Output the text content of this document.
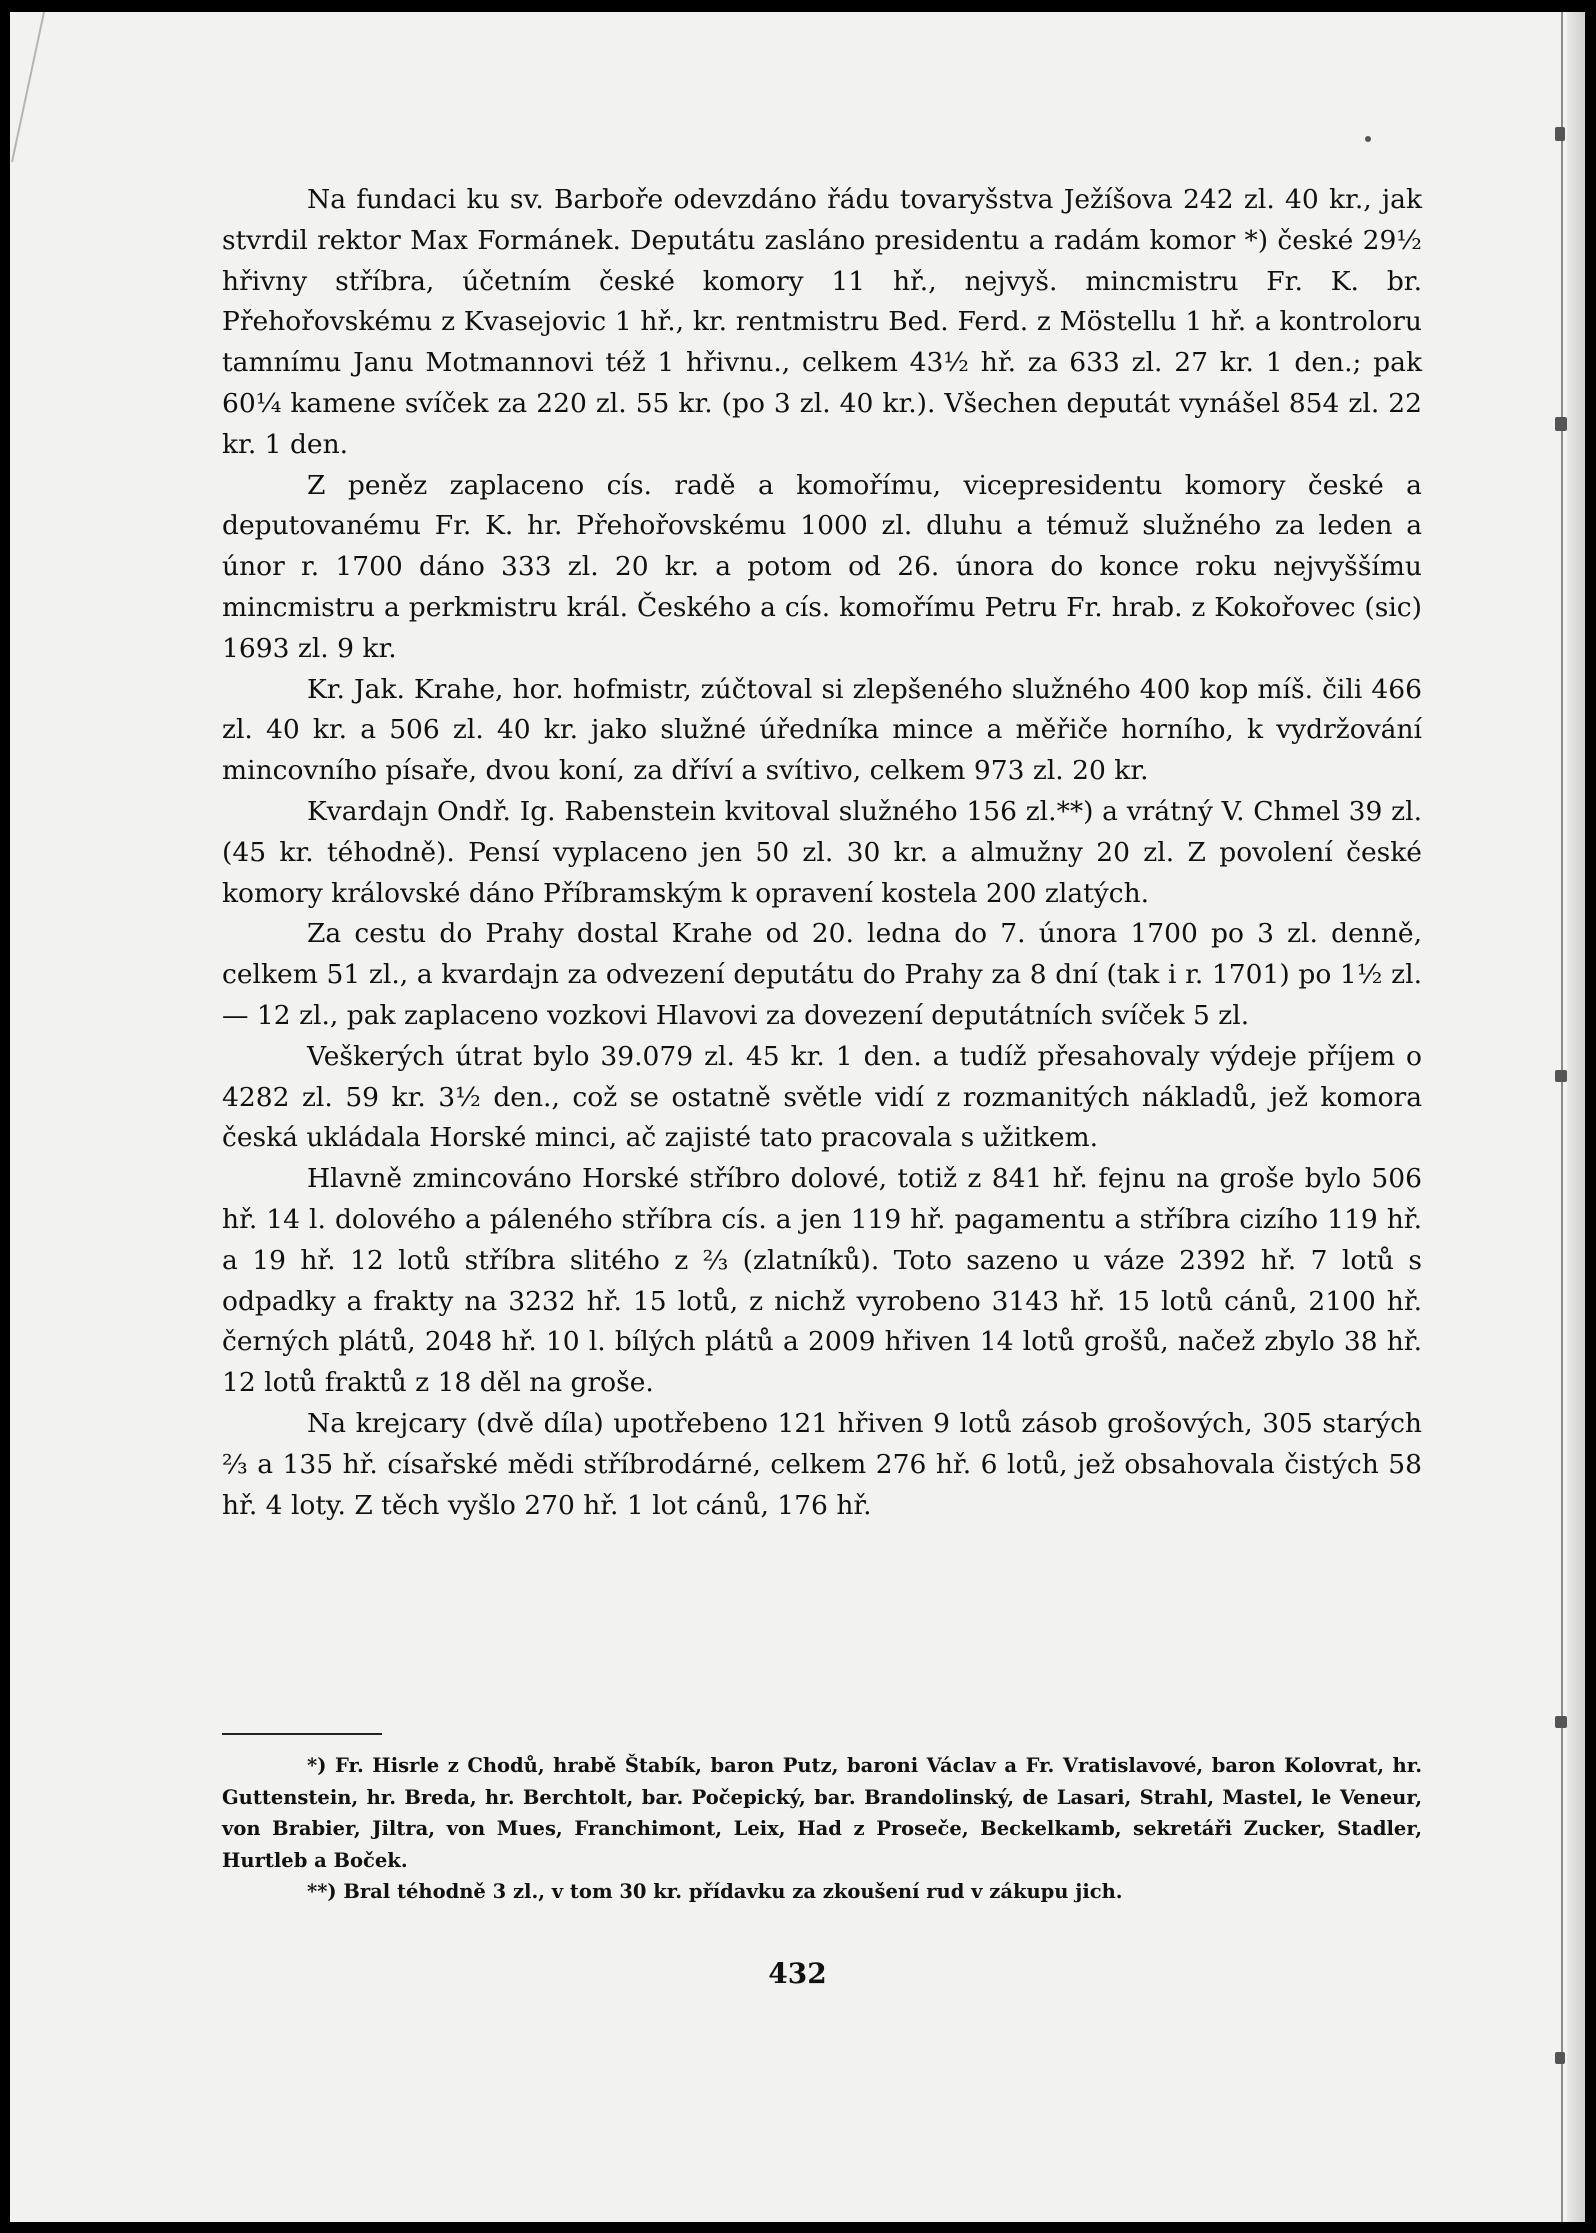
Na fundaci ku sv. Barboře odevzdáno řádu tovaryšstva Ježíšova 242 zl. 40 kr., jak stvrdil rektor Max Formánek. Deputátu zasláno presidentu a radám komor *) české 29½ hřivny stříbra, účetním české komory 11 hř., nejvyš. mincmistru Fr. K. br. Přehořovskému z Kvasejovic 1 hř., kr. rentmistru Bed. Ferd. z Möstellu 1 hř. a kontroloru tamnímu Janu Motmannovi též 1 hřivnu., celkem 43½ hř. za 633 zl. 27 kr. 1 den.; pak 60¼ kamene svíček za 220 zl. 55 kr. (po 3 zl. 40 kr.). Všechen deputát vynášel 854 zl. 22 kr. 1 den.

Z peněz zaplaceno cís. radě a komořímu, vicepresidentu komory české a deputovanému Fr. K. hr. Přehořovskému 1000 zl. dluhu a témuž služného za leden a únor r. 1700 dáno 333 zl. 20 kr. a potom od 26. února do konce roku nejvyššímu mincmistru a perkmistru král. Českého a cís. komořímu Petru Fr. hrab. z Kokořovec (sic) 1693 zl. 9 kr.

Kr. Jak. Krahe, hor. hofmistr, zúčtoval si zlepšeného služného 400 kop míš. čili 466 zl. 40 kr. a 506 zl. 40 kr. jako služné úředníka mince a měřiče horního, k vydržování mincovního písaře, dvou koní, za dříví a svítivo, celkem 973 zl. 20 kr.

Kvardajn Ondř. Ig. Rabenstein kvitoval služného 156 zl.**) a vrátný V. Chmel 39 zl. (45 kr. téhodně). Pensí vyplaceno jen 50 zl. 30 kr. a almužny 20 zl. Z povolení české komory královské dáno Příbramským k opravení kostela 200 zlatých.

Za cestu do Prahy dostal Krahe od 20. ledna do 7. února 1700 po 3 zl. denně, celkem 51 zl., a kvardajn za odvezení deputátu do Prahy za 8 dní (tak i r. 1701) po 1½ zl. — 12 zl., pak zaplaceno vozkovi Hlavovi za dovezení deputátních svíček 5 zl.

Veškerých útrat bylo 39.079 zl. 45 kr. 1 den. a tudíž přesahovaly výdeje příjem o 4282 zl. 59 kr. 3½ den., což se ostatně světle vidí z rozmanitých nákladů, jež komora česká ukládala Horské minci, ač zajisté tato pracovala s užitkem.

Hlavně zmincováno Horské stříbro dolové, totiž z 841 hř. fejnu na groše bylo 506 hř. 14 l. dolového a páleného stříbra cís. a jen 119 hř. pagamentu a stříbra cizího 119 hř. a 19 hř. 12 lotů stříbra slitého z ⅔ (zlatníků). Toto sazeno u váze 2392 hř. 7 lotů s odpadky a frakty na 3232 hř. 15 lotů, z nichž vyrobeno 3143 hř. 15 lotů cánů, 2100 hř. černých plátů, 2048 hř. 10 l. bílých plátů a 2009 hřiven 14 lotů grošů, načež zbylo 38 hř. 12 lotů fraktů z 18 děl na groše.

Na krejcary (dvě díla) upotřebeno 121 hřiven 9 lotů zásob grošových, 305 starých ⅔ a 135 hř. císařské mědi stříbrodárné, celkem 276 hř. 6 lotů, jež obsahovala čistých 58 hř. 4 loty. Z těch vyšlo 270 hř. 1 lot cánů, 176 hř.

*) Fr. Hisrle z Chodů, hrabě Štabík, baron Putz, baroni Václav a Fr. Vratislavové, baron Kolovrat, hr. Guttenstein, hr. Breda, hr. Berchtolt, bar. Počepický, bar. Brandolinský, de Lasari, Strahl, Mastel, le Veneur, von Brabier, Jiltra, von Mues, Franchimont, Leix, Had z Proseče, Beckelkamb, sekretáři Zucker, Stadler, Hurtleb a Boček.

**) Bral téhodně 3 zl., v tom 30 kr. přídavku za zkoušení rud v zákupu jich.

432
